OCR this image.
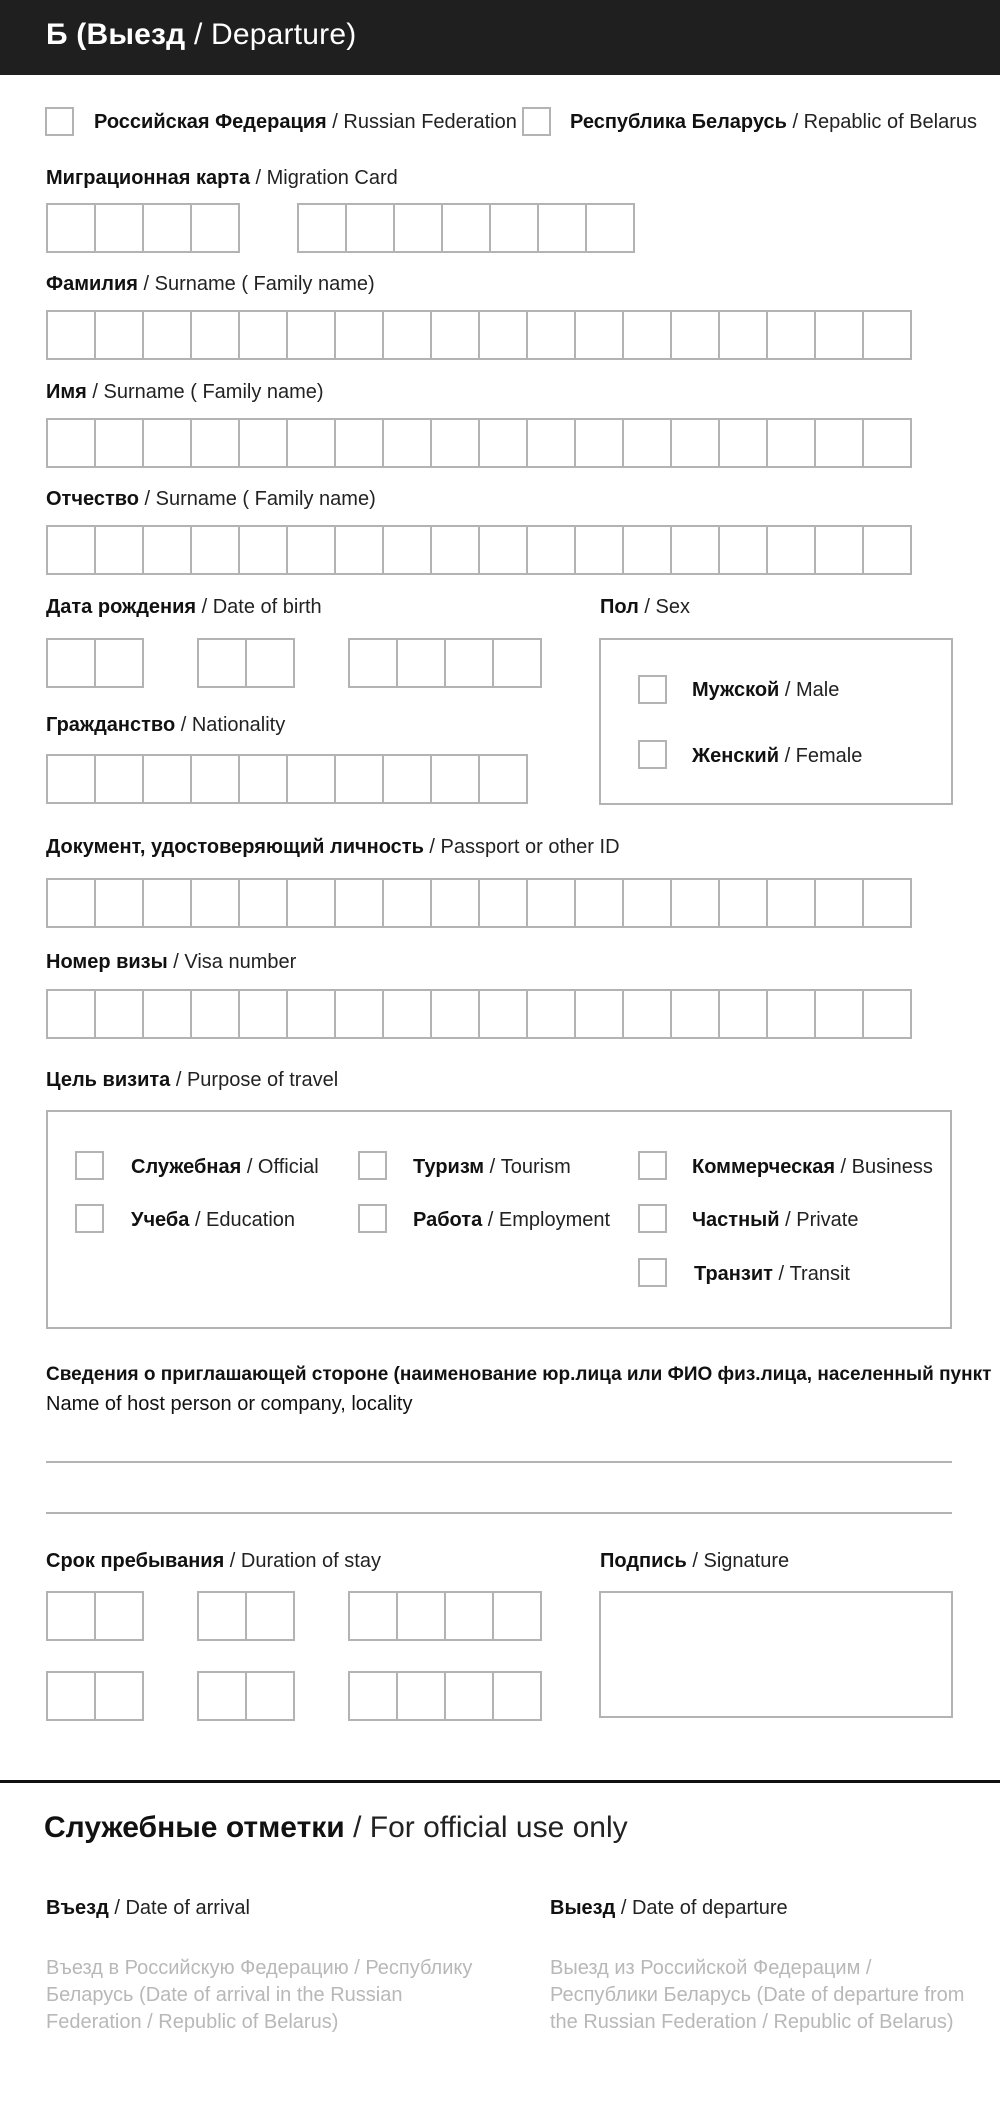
Б (Выезд / Departure)
Российская Федерация / Russian Federation	Республика Беларусь / Repablic of Belarus
Миграционная карта / Migration Card
Фамилия / Surname ( Family name)
Имя / Surname ( Family name)
Отчество / Surname ( Family name)
Дата рождения / Date of birth	Пол / Sex
Мужской / Male
Женский / Female
Гражданство / Nationality
Документ, удостоверяющий личность / Passport or other ID
Номер визы / Visa number
Цель визита / Purpose of travel
Служебная / Official	Туризм / Tourism	Коммерческая / Business
Учеба / Education	Работа / Employment	Частный / Private
Транзит / Transit
Сведения о приглашающей стороне (наименование юр.лица или ФИО физ.лица, населенный пункт
Name of host person or company, locality
Срок пребывания / Duration of stay	Подпись / Signature
Служебные отметки / For official use only
Въезд / Date of arrival	Выезд / Date of departure
Въезд в Российскую Федерацию / Республику Беларусь (Date of arrival in the Russian Federation / Republic of Belarus)
Выезд из Российской Федерацим / Республики Беларусь (Date of departure from the Russian Federation / Republic of Belarus)
